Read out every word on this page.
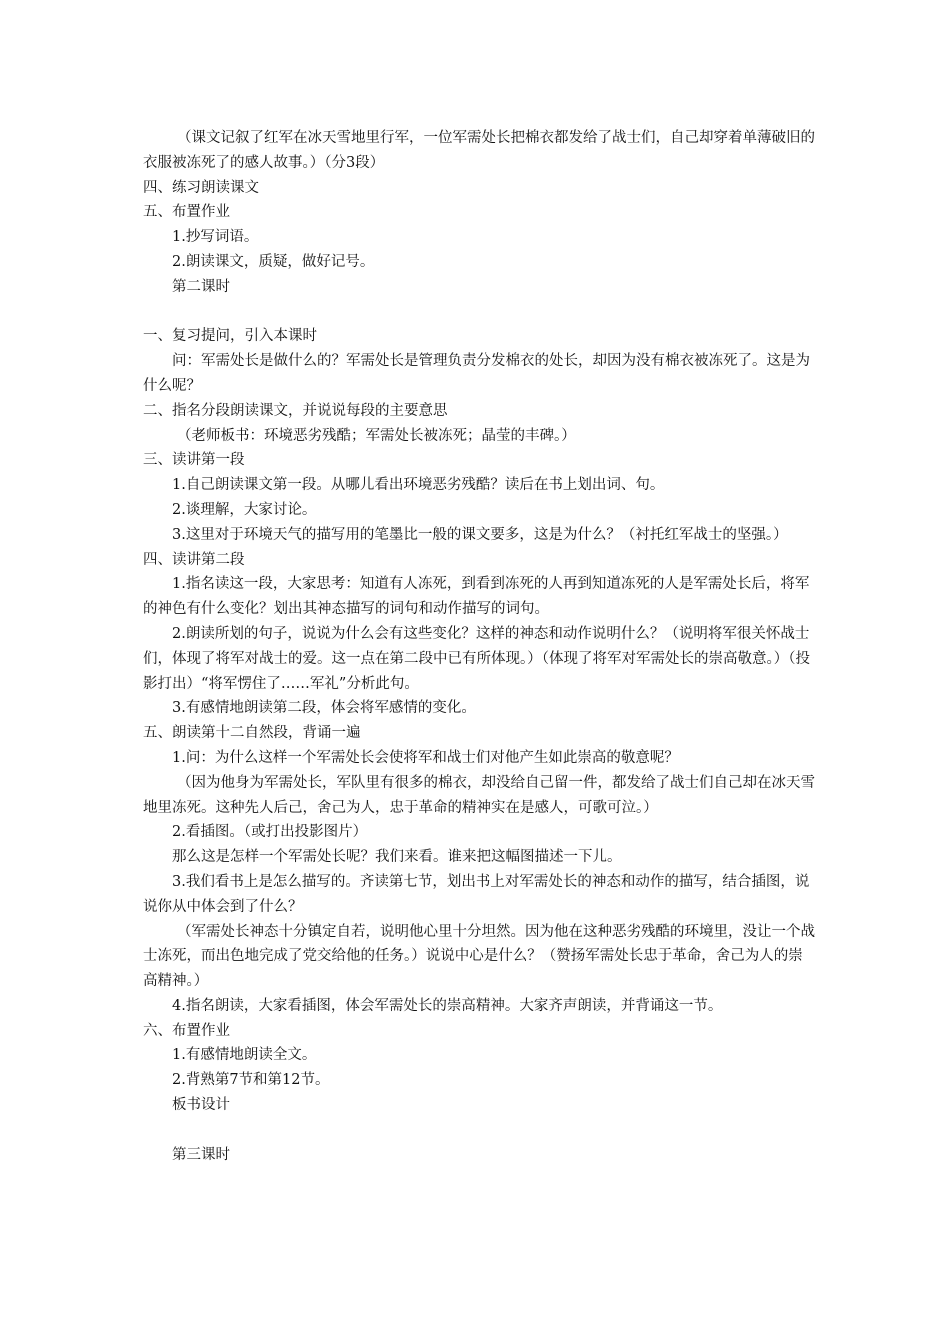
（课文记叙了红军在冰天雪地里行军，一位军需处长把棉衣都发给了战士们，自己却穿着单薄破旧的衣服被冻死了的感人故事。）（分3段）

四、练习朗读课文

五、布置作业

1.抄写词语。

2.朗读课文，质疑，做好记号。

第二课时

一、复习提问，引入本课时

问：军需处长是做什么的？军需处长是管理负责分发棉衣的处长，却因为没有棉衣被冻死了。这是为什么呢？

二、指名分段朗读课文，并说说每段的主要意思

（老师板书：环境恶劣残酷；军需处长被冻死；晶莹的丰碑。）

三、读讲第一段

1.自己朗读课文第一段。从哪儿看出环境恶劣残酷？读后在书上划出词、句。

2.谈理解，大家讨论。

3.这里对于环境天气的描写用的笔墨比一般的课文要多，这是为什么？（衬托红军战士的坚强。）

四、读讲第二段

1.指名读这一段，大家思考：知道有人冻死，到看到冻死的人再到知道冻死的人是军需处长后，将军的神色有什么变化？划出其神态描写的词句和动作描写的词句。

2.朗读所划的句子，说说为什么会有这些变化？这样的神态和动作说明什么？（说明将军很关怀战士们，体现了将军对战士的爱。这一点在第二段中已有所体现。）（体现了将军对军需处长的崇高敬意。）（投影打出）“将军愣住了……军礼”分析此句。

3.有感情地朗读第二段，体会将军感情的变化。

五、朗读第十二自然段，背诵一遍

1.问：为什么这样一个军需处长会使将军和战士们对他产生如此崇高的敬意呢？

（因为他身为军需处长，军队里有很多的棉衣，却没给自己留一件，都发给了战士们自己却在冰天雪地里冻死。这种先人后己，舍己为人，忠于革命的精神实在是感人，可歌可泣。）

2.看插图。（或打出投影图片）

那么这是怎样一个军需处长呢？我们来看。谁来把这幅图描述一下儿。

3.我们看书上是怎么描写的。齐读第七节，划出书上对军需处长的神态和动作的描写，结合插图，说说你从中体会到了什么？

（军需处长神态十分镇定自若，说明他心里十分坦然。因为他在这种恶劣残酷的环境里，没让一个战士冻死，而出色地完成了党交给他的任务。）说说中心是什么？（赞扬军需处长忠于革命，舍己为人的崇高精神。）

4.指名朗读，大家看插图，体会军需处长的崇高精神。大家齐声朗读，并背诵这一节。

六、布置作业

1.有感情地朗读全文。

2.背熟第7节和第12节。

板书设计

第三课时
